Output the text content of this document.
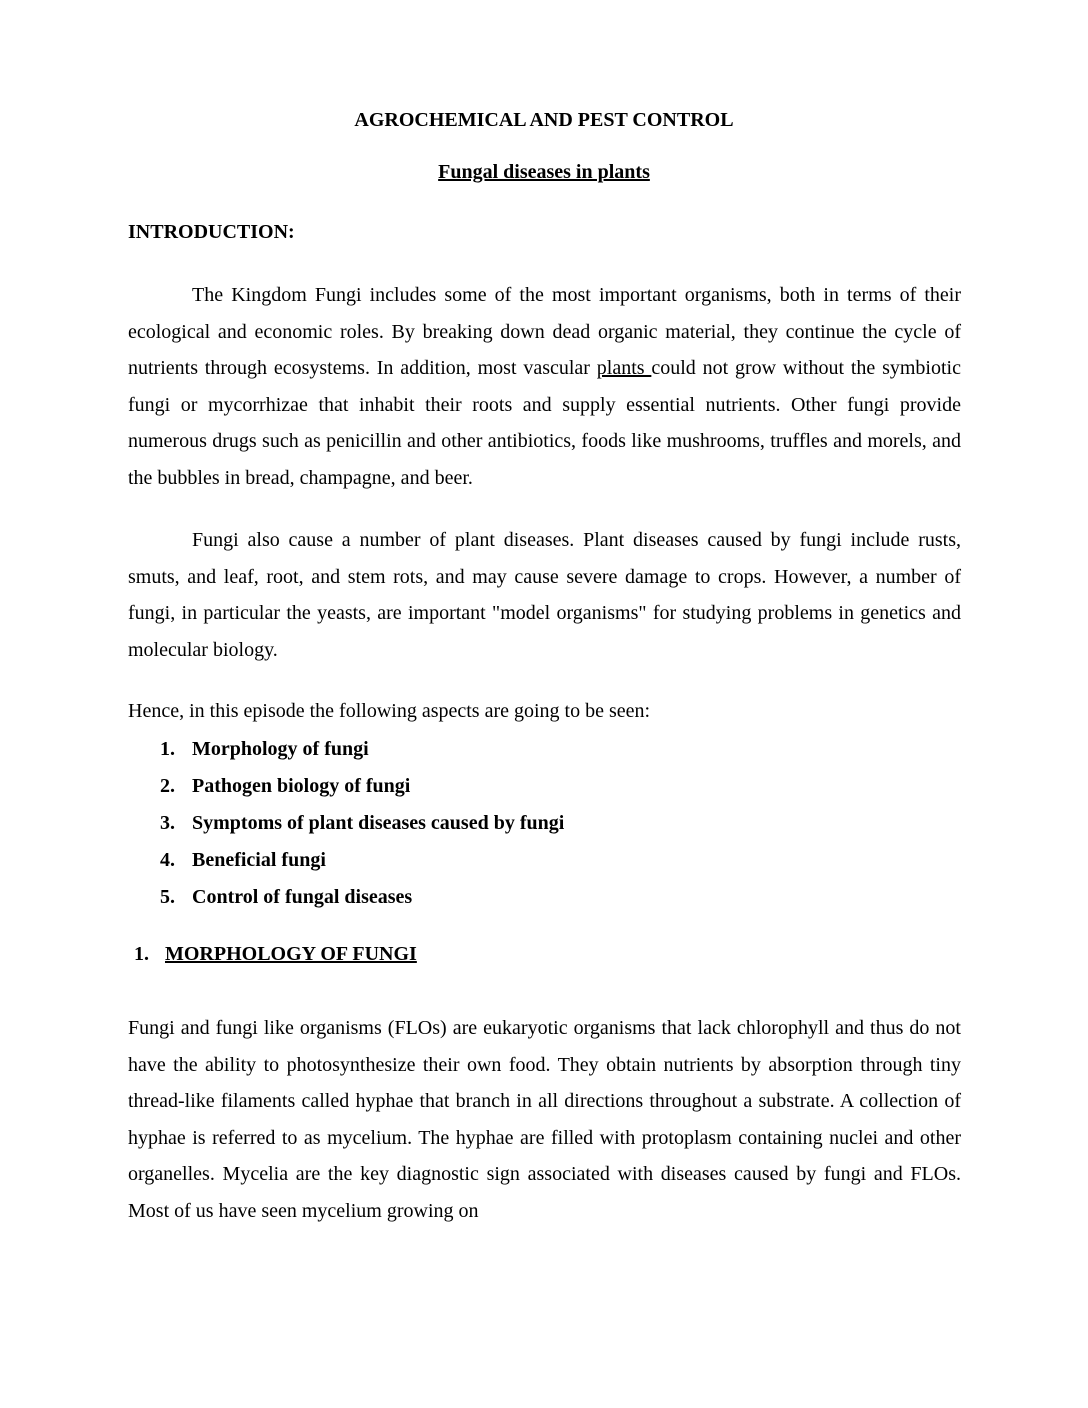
AGROCHEMICAL AND PEST CONTROL
Fungal diseases in plants
INTRODUCTION:

The Kingdom Fungi includes some of the most important organisms, both in terms of their ecological and economic roles. By breaking down dead organic material, they continue the cycle of nutrients through ecosystems. In addition, most vascular plants could not grow without the symbiotic fungi or mycorrhizae that inhabit their roots and supply essential nutrients. Other fungi provide numerous drugs such as penicillin and other antibiotics, foods like mushrooms, truffles and morels, and the bubbles in bread, champagne, and beer.

Fungi also cause a number of plant diseases. Plant diseases caused by fungi include rusts, smuts, and leaf, root, and stem rots, and may cause severe damage to crops. However, a number of fungi, in particular the yeasts, are important "model organisms" for studying problems in genetics and molecular biology.

Hence, in this episode the following aspects are going to be seen:
1. Morphology of fungi
2. Pathogen biology of fungi
3. Symptoms of plant diseases caused by fungi
4. Beneficial fungi
5. Control of fungal diseases
1. MORPHOLOGY OF FUNGI

Fungi and fungi like organisms (FLOs) are eukaryotic organisms that lack chlorophyll and thus do not have the ability to photosynthesize their own food. They obtain nutrients by absorption through tiny thread-like filaments called hyphae that branch in all directions throughout a substrate. A collection of hyphae is referred to as mycelium. The hyphae are filled with protoplasm containing nuclei and other organelles. Mycelia are the key diagnostic sign associated with diseases caused by fungi and FLOs. Most of us have seen mycelium growing on
